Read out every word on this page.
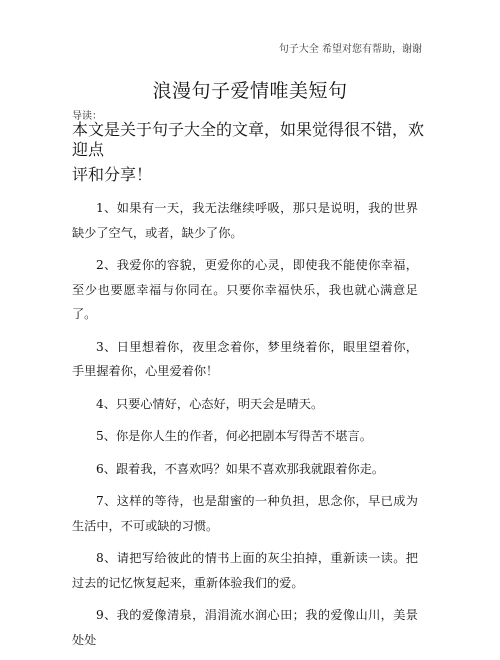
句子大全 希望对您有帮助，谢谢
浪漫句子爱情唯美短句
导读：
本文是关于句子大全的文章，如果觉得很不错，欢迎点
评和分享！
1、如果有一天，我无法继续呼吸，那只是说明，我的世界缺少了空气，或者，缺少了你。
2、我爱你的容貌，更爱你的心灵，即使我不能使你幸福，至少也要愿幸福与你同在。只要你幸福快乐，我也就心满意足了。
3、日里想着你，夜里念着你，梦里绕着你，眼里望着你，手里握着你，心里爱着你！
4、只要心情好，心态好，明天会是晴天。
5、你是你人生的作者，何必把剧本写得苦不堪言。
6、跟着我，不喜欢吗？如果不喜欢那我就跟着你走。
7、这样的等待，也是甜蜜的一种负担，思念你，早已成为生活中，不可或缺的习惯。
8、请把写给彼此的情书上面的灰尘拍掉，重新读一读。把过去的记忆恢复起来，重新体验我们的爱。
9、我的爱像清泉，涓涓流水润心田；我的爱像山川，美景处处
